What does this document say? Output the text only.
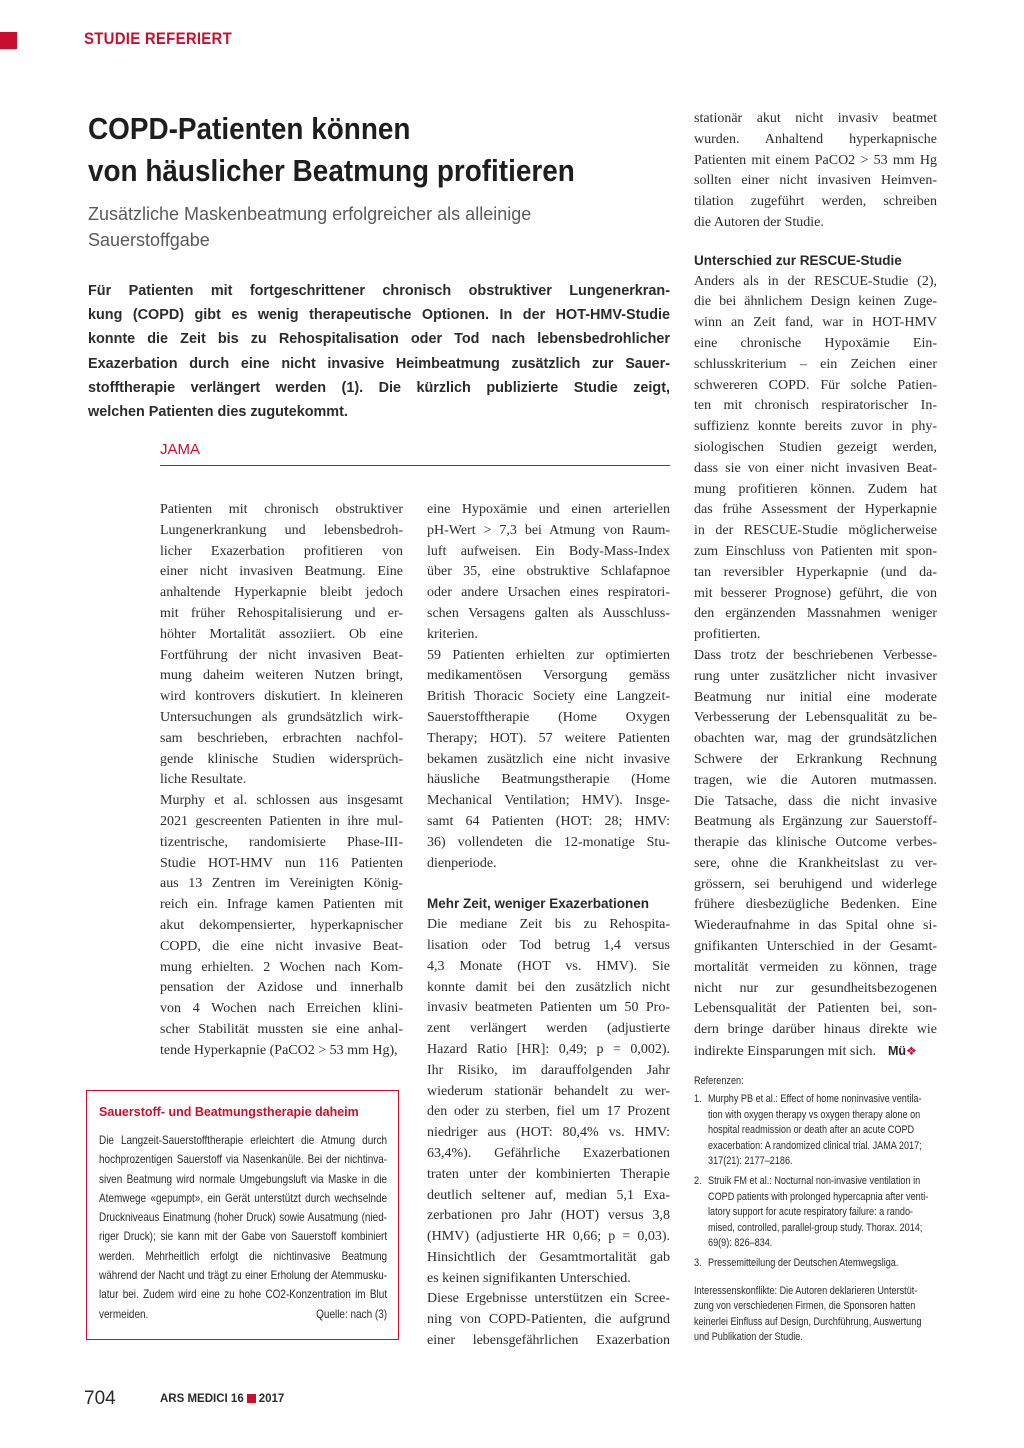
STUDIE REFERIERT
COPD-Patienten können
von häuslicher Beatmung profitieren
Zusätzliche Maskenbeatmung erfolgreicher als alleinige
Sauerstoffgabe
Für Patienten mit fortgeschrittener chronisch obstruktiver Lungenerkran-
kung (COPD) gibt es wenig therapeutische Optionen. In der HOT-HMV-Studie
konnte die Zeit bis zu Rehospitalisation oder Tod nach lebensbedrohlicher
Exazerbation durch eine nicht invasive Heimbeatmung zusätzlich zur Sauer-
stofftherapie verlängert werden (1). Die kürzlich publizierte Studie zeigt,
welchen Patienten dies zugutekommt.
JAMA

Patienten mit chronisch obstruktiver
Lungenerkrankung und lebensbedroh-
licher Exazerbation profitieren von
einer nicht invasiven Beatmung. Eine
anhaltende Hyperkapnie bleibt jedoch
mit früher Rehospitalisierung und er-
höhter Mortalität assoziiert. Ob eine
Fortführung der nicht invasiven Beat-
mung daheim weiteren Nutzen bringt,
wird kontrovers diskutiert. In kleineren
Untersuchungen als grundsätzlich wirk-
sam beschrieben, erbrachten nachfol-
gende klinische Studien widersprüch-
liche Resultate.

Murphy et al. schlossen aus insgesamt
2021 gescreenten Patienten in ihre mul-
tizentrische, randomisierte Phase-III-
Studie HOT-HMV nun 116 Patienten
aus 13 Zentren im Vereinigten König-
reich ein. Infrage kamen Patienten mit
akut dekompensierter, hyperkapnischer
COPD, die eine nicht invasive Beat-
mung erhielten. 2 Wochen nach Kom-
pensation der Azidose und innerhalb
von 4 Wochen nach Erreichen klini-
scher Stabilität mussten sie eine anhal-
tende Hyperkapnie (PaCO2 > 53 mm Hg),

eine Hypoxämie und einen arteriellen
pH-Wert > 7,3 bei Atmung von Raum-
luft aufweisen. Ein Body-Mass-Index
über 35, eine obstruktive Schlafapnoe
oder andere Ursachen eines respiratori-
schen Versagens galten als Ausschluss-
kriterien.

59 Patienten erhielten zur optimierten
medikamentösen Versorgung gemäss
British Thoracic Society eine Langzeit-
Sauerstofftherapie (Home Oxygen
Therapy; HOT). 57 weitere Patienten
bekamen zusätzlich eine nicht invasive
häusliche Beatmungstherapie (Home
Mechanical Ventilation; HMV). Insge-
samt 64 Patienten (HOT: 28; HMV:
36) vollendeten die 12-monatige Stu-
dienperiode.

Mehr Zeit, weniger Exazerbationen

Die mediane Zeit bis zu Rehospita-
lisation oder Tod betrug 1,4 versus
4,3 Monate (HOT vs. HMV). Sie
konnte damit bei den zusätzlich nicht
invasiv beatmeten Patienten um 50 Pro-
zent verlängert werden (adjustierte
Hazard Ratio [HR]: 0,49; p = 0,002).
Ihr Risiko, im darauffolgenden Jahr
wiederum stationär behandelt zu wer-
den oder zu sterben, fiel um 17 Prozent
niedriger aus (HOT: 80,4% vs. HMV:
63,4%). Gefährliche Exazerbationen
traten unter der kombinierten Therapie
deutlich seltener auf, median 5,1 Exa-
zerbationen pro Jahr (HOT) versus 3,8
(HMV) (adjustierte HR 0,66; p = 0,03).
Hinsichtlich der Gesamtmortalität gab
es keinen signifikanten Unterschied.

Diese Ergebnisse unterstützen ein Scree-
ning von COPD-Patienten, die aufgrund
einer lebensgefährlichen Exazerbation

stationär akut nicht invasiv beatmet
wurden. Anhaltend hyperkapnische
Patienten mit einem PaCO2 > 53 mm Hg
sollten einer nicht invasiven Heimven-
tilation zugeführt werden, schreiben
die Autoren der Studie.

Unterschied zur RESCUE-Studie

Anders als in der RESCUE-Studie (2),
die bei ähnlichem Design keinen Zuge-
winn an Zeit fand, war in HOT-HMV
eine chronische Hypoxämie Ein-
schlusskriterium – ein Zeichen einer
schwereren COPD. Für solche Patien-
ten mit chronisch respiratorischer In-
suffizienz konnte bereits zuvor in phy-
siologischen Studien gezeigt werden,
dass sie von einer nicht invasiven Beat-
mung profitieren können. Zudem hat
das frühe Assessment der Hyperkapnie
in der RESCUE-Studie möglicherweise
zum Einschluss von Patienten mit spon-
tan reversibler Hyperkapnie (und da-
mit besserer Prognose) geführt, die von
den ergänzenden Massnahmen weniger
profitierten.

Dass trotz der beschriebenen Verbesse-
rung unter zusätzlicher nicht invasiver
Beatmung nur initial eine moderate
Verbesserung der Lebensqualität zu be-
obachten war, mag der grundsätzlichen
Schwere der Erkrankung Rechnung
tragen, wie die Autoren mutmassen.
Die Tatsache, dass die nicht invasive
Beatmung als Ergänzung zur Sauerstoff-
therapie das klinische Outcome verbes-
sere, ohne die Krankheitslast zu ver-
grössern, sei beruhigend und widerlege
frühere diesbezügliche Bedenken. Eine
Wiederaufnahme in das Spital ohne si-
gnifikanten Unterschied in der Gesamt-
mortalität vermeiden zu können, trage
nicht nur zur gesundheitsbezogenen
Lebensqualität der Patienten bei, son-
dern bringe darüber hinaus direkte wie
indirekte Einsparungen mit sich. Mü❖

Sauerstoff- und Beatmungstherapie daheim
Die Langzeit-Sauerstofftherapie erleichtert die Atmung durch
hochprozentigen Sauerstoff via Nasenkanüle. Bei der nichtinva-
siven Beatmung wird normale Umgebungsluft via Maske in die
Atemwege «gepumpt», ein Gerät unterstützt durch wechselnde
Druckniveaus Einatmung (hoher Druck) sowie Ausatmung (nied-
riger Druck); sie kann mit der Gabe von Sauerstoff kombiniert
werden. Mehrheitlich erfolgt die nichtinvasive Beatmung
während der Nacht und trägt zu einer Erholung der Atemmusku-
latur bei. Zudem wird eine zu hohe CO2-Konzentration im Blut
vermeiden.	Quelle: nach (3)
Referenzen:
1. Murphy PB et al.: Effect of home noninvasive ventila-
tion with oxygen therapy vs oxygen therapy alone on
hospital readmission or death after an acute COPD
exacerbation: A randomized clinical trial. JAMA 2017;
317(21): 2177–2186.
2. Struik FM et al.: Nocturnal non-invasive ventilation in
COPD patients with prolonged hypercapnia after venti-
latory support for acute respiratory failure: a rando-
mised, controlled, parallel-group study. Thorax. 2014;
69(9): 826–834.
3. Pressemitteilung der Deutschen Atemwegsliga.
Interessenskonflikte: Die Autoren deklarieren Unterstüt-
zung von verschiedenen Firmen, die Sponsoren hatten
keinerlei Einfluss auf Design, Durchführung, Auswertung
und Publikation der Studie.
704	ARS MEDICI 16 2017
